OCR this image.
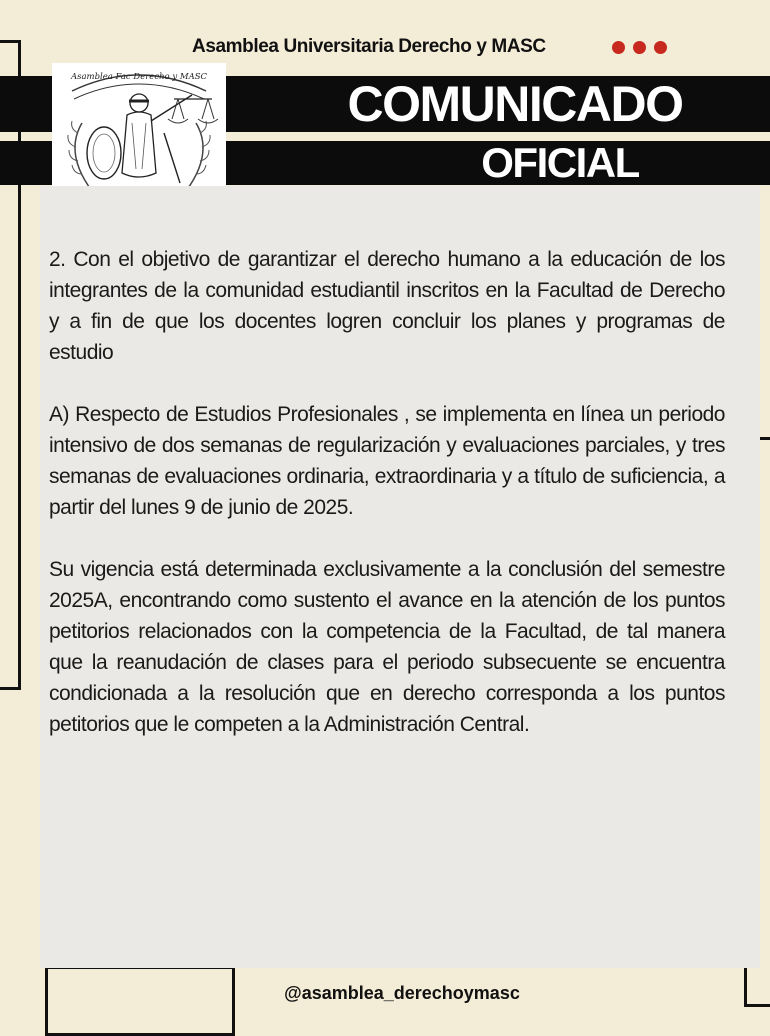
Asamblea Universitaria Derecho y MASC
COMUNICADO
OFICIAL
Asamblea Fac Derecho y MASC

2. Con el objetivo de garantizar el derecho humano a la educación de los integrantes de la comunidad estudiantil inscritos en la Facultad de Derecho y a fin de que los docentes logren concluir los planes y programas de estudio

A) Respecto de Estudios Profesionales , se implementa en línea un periodo intensivo de dos semanas de regularización y evaluaciones parciales, y tres semanas de evaluaciones ordinaria, extraordinaria y a título de suficiencia, a partir del lunes 9 de junio de 2025.

Su vigencia está determinada exclusivamente a la conclusión del semestre 2025A, encontrando como sustento el avance en la atención de los puntos petitorios relacionados con la competencia de la Facultad, de tal manera que la reanudación de clases para el periodo subsecuente se encuentra condicionada a la resolución que en derecho corresponda a los puntos petitorios que le competen a la Administración Central.

@asamblea_derechoymasc
